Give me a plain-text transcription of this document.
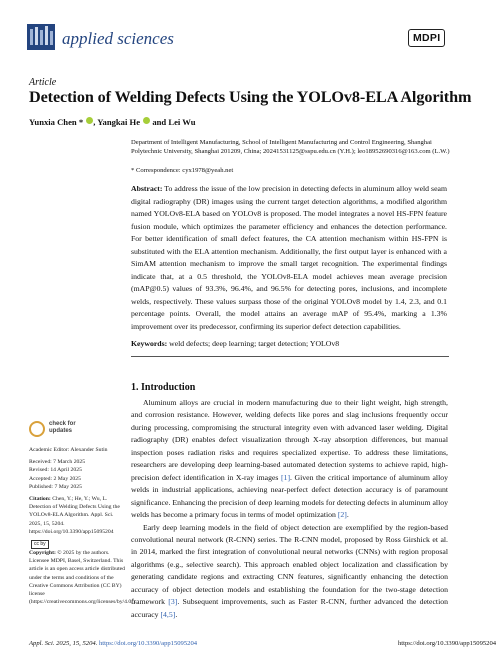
applied sciences	MDPI
Article
Detection of Welding Defects Using the YOLOv8-ELA Algorithm
Yunxia Chen * , Yangkai He and Lei Wu
Department of Intelligent Manufacturing, School of Intelligent Manufacturing and Control Engineering, Shanghai Polytechnic University, Shanghai 201209, China; 20241531125@sspu.edu.cn (Y.H.); leo18952690316@163.com (L.W.)
* Correspondence: cyx1978@yeah.net
Abstract: To address the issue of the low precision in detecting defects in aluminum alloy weld seam digital radiography (DR) images using the current target detection algorithms, a modified algorithm named YOLOv8-ELA based on YOLOv8 is proposed. The model integrates a novel HS-FPN feature fusion module, which optimizes the parameter efficiency and enhances the detection performance. For better identification of small defect features, the CA attention mechanism within HS-FPN is substituted with the ELA attention mechanism. Additionally, the first output layer is enhanced with a SimAM attention mechanism to improve the small target recognition. The experimental findings indicate that, at a 0.5 threshold, the YOLOv8-ELA model achieves mean average precision (mAP@0.5) values of 93.3%, 96.4%, and 96.5% for detecting pores, inclusions, and incomplete welds, respectively. These values surpass those of the original YOLOv8 model by 1.4, 2.3, and 0.1 percentage points. Overall, the model attains an average mAP of 95.4%, marking a 1.3% improvement over its predecessor, confirming its superior defect detection capabilities.
Keywords: weld defects; deep learning; target detection; YOLOv8
1. Introduction

Aluminum alloys are crucial in modern manufacturing due to their light weight, high strength, and corrosion resistance. However, welding defects like pores and slag inclusions frequently occur during processing, compromising the structural integrity even with advanced laser welding. Digital radiography (DR) enables defect visualization through X-ray absorption differences, but manual inspection poses radiation risks and requires specialized expertise. To address these limitations, researchers are developing deep learning-based automated detection systems to achieve rapid, high-precision defect identification in X-ray images [1]. Given the critical importance of aluminum alloy welds in industrial applications, achieving near-perfect defect detection accuracy is of paramount significance. Enhancing the precision of deep learning models for detecting defects in aluminum alloy welds has become a primary focus in terms of model optimization [2].

Early deep learning models in the field of object detection are exemplified by the region-based convolutional neural network (R-CNN) series. The R-CNN model, proposed by Ross Girshick et al. in 2014, marked the first integration of convolutional neural networks (CNNs) with region proposal algorithms (e.g., selective search). This approach enabled object localization and classification by generating candidate regions and extracting CNN features, significantly enhancing the detection accuracy of object detection models and establishing the foundation for the two-stage detection framework [3]. Subsequent improvements, such as Faster R-CNN, further advanced the detection accuracy [4,5].

check for
updates
Academic Editor: Alexander Sutin
Received: 7 March 2025
Revised: 14 April 2025
Accepted: 2 May 2025
Published: 7 May 2025
Citation: Chen, Y.; He, Y.; Wu, L. Detection of Welding Defects Using the YOLOv8-ELA Algorithm. Appl. Sci. 2025, 15, 5204. https://doi.org/10.3390/app15095204
cc by
Copyright: © 2025 by the authors. Licensee MDPI, Basel, Switzerland. This article is an open access article distributed under the terms and conditions of the Creative Commons Attribution (CC BY) license (https://creativecommons.org/licenses/by/4.0/).
Appl. Sci. 2025, 15, 5204. https://doi.org/10.3390/app15095204	https://doi.org/10.3390/app15095204
